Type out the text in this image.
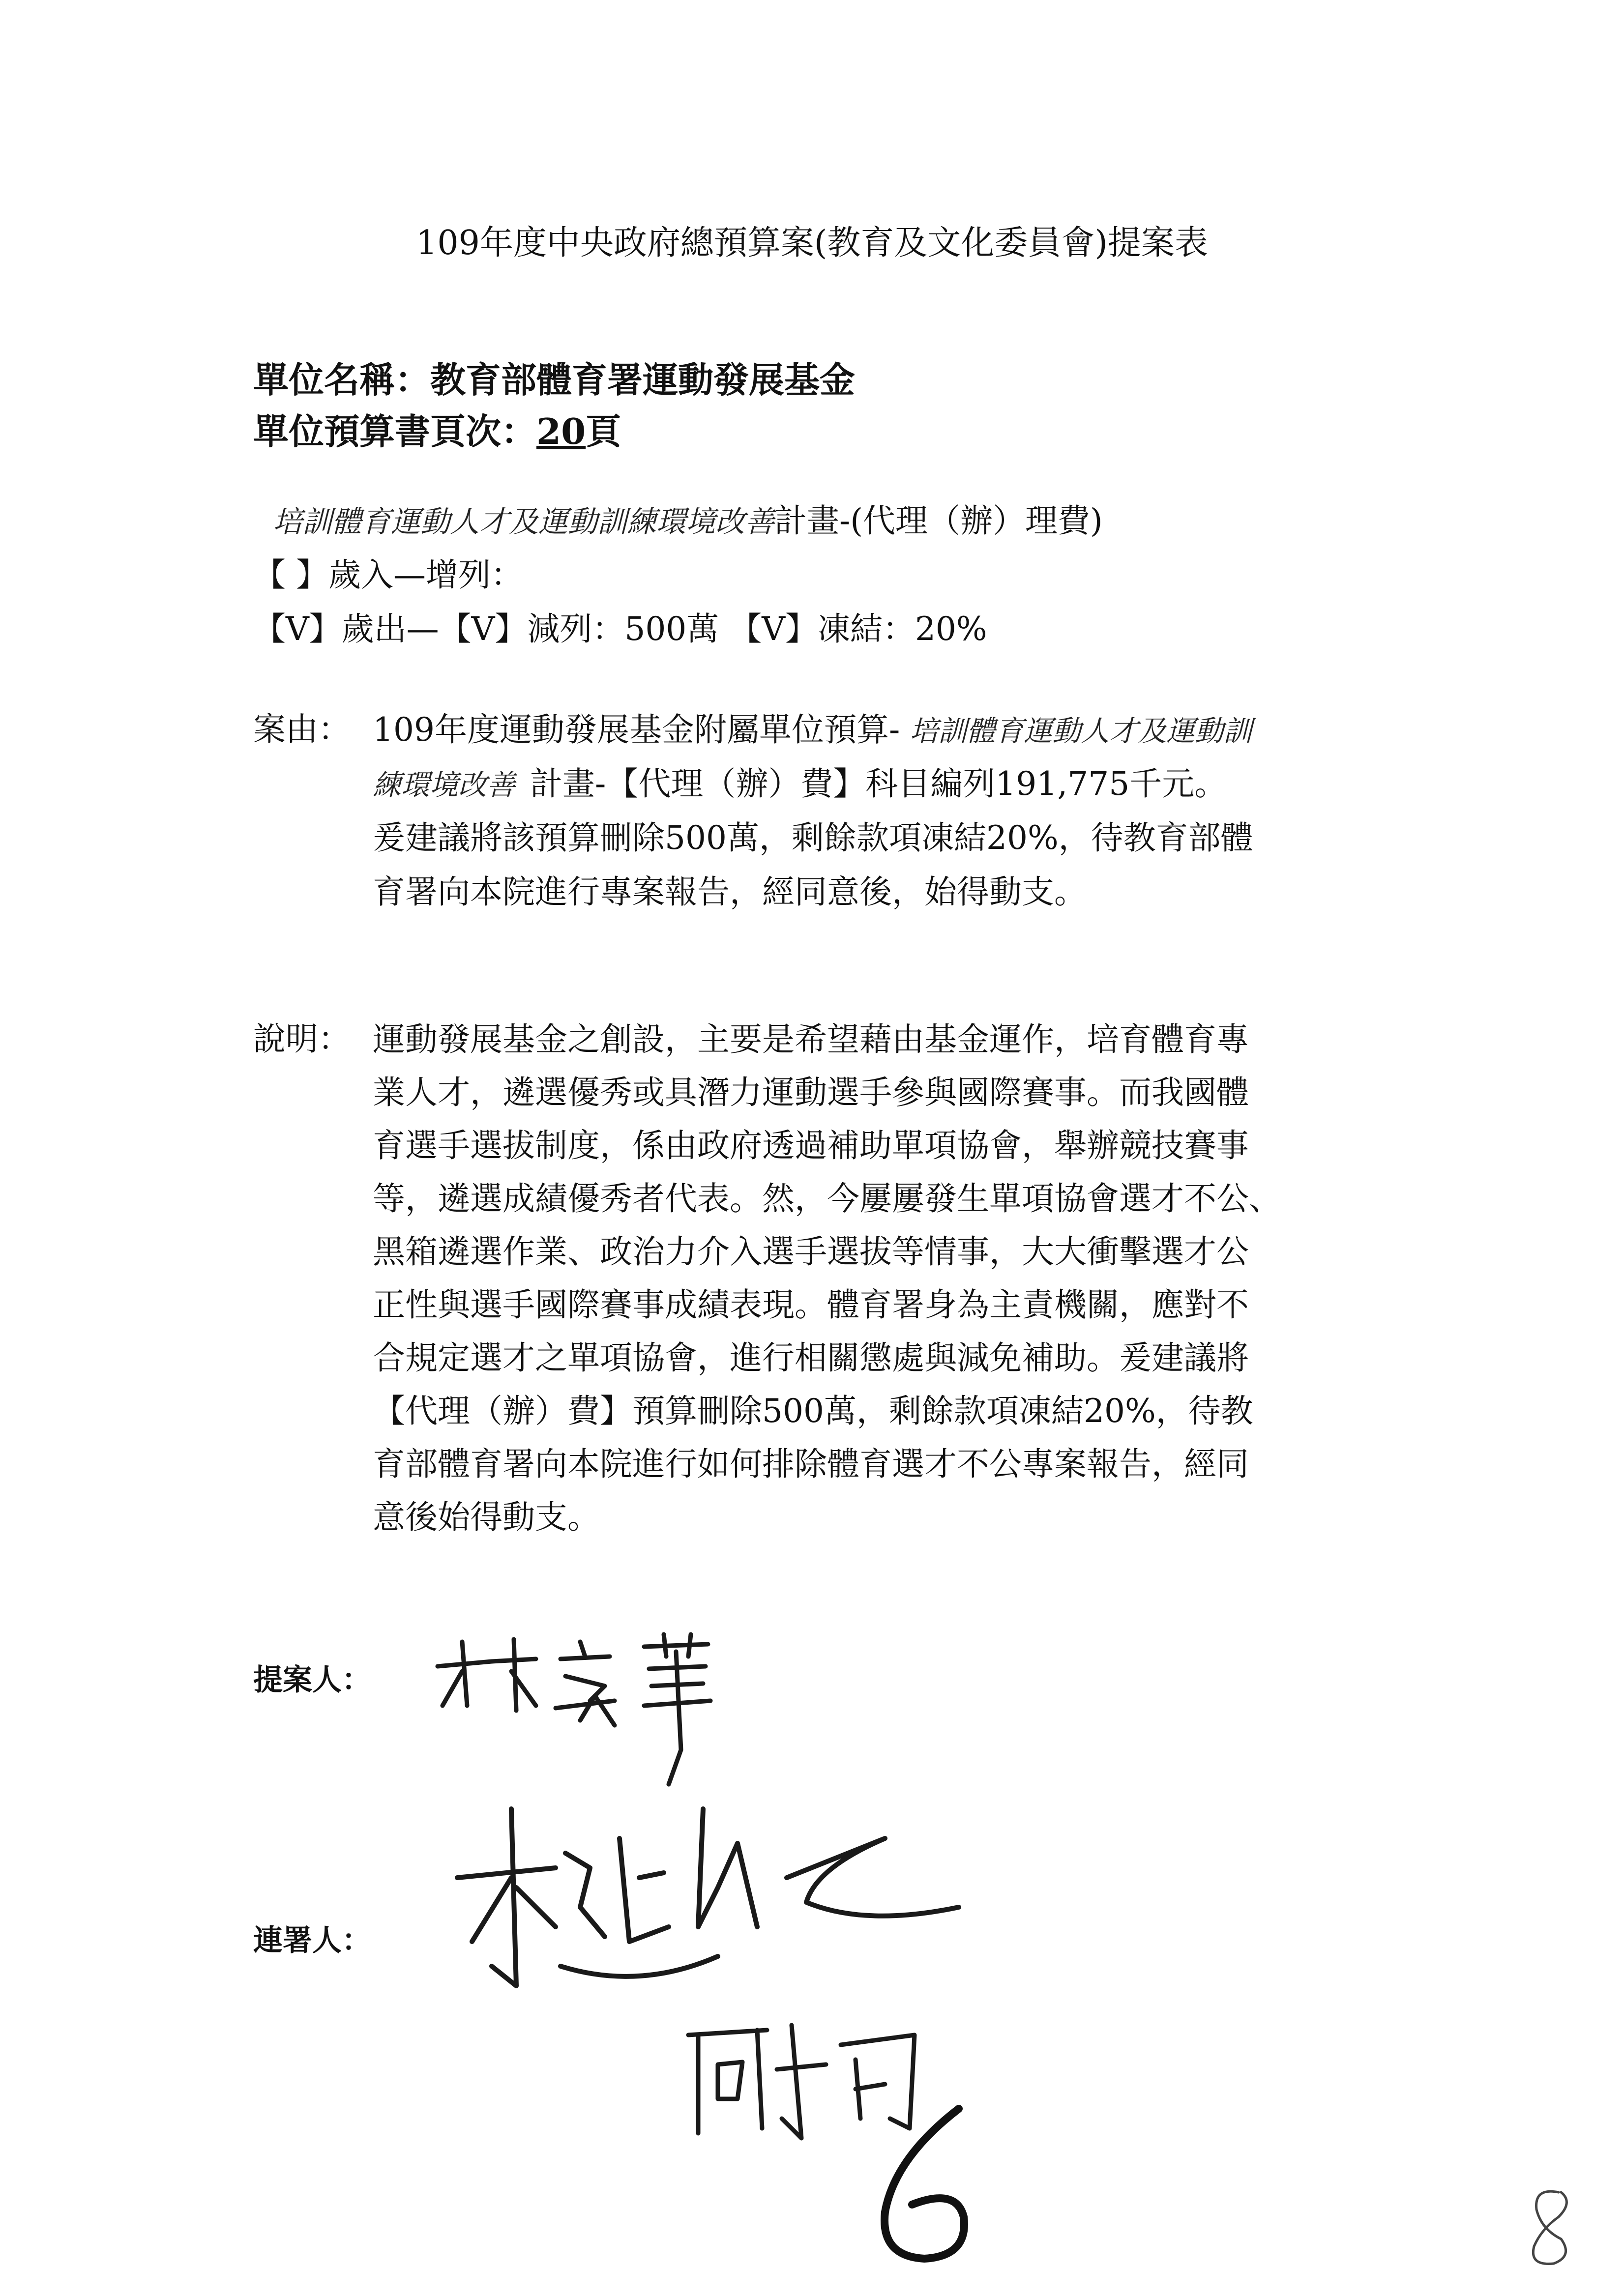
109年度中央政府總預算案(教育及文化委員會)提案表
單位名稱：教育部體育署運動發展基金
單位預算書頁次：20頁
培訓體育運動人才及運動訓練環境改善計畫-(代理（辦）理費)
【 】歲入—增列：
【V】歲出—【V】減列：500萬 【V】凍結：20%
案由： 109年度運動發展基金附屬單位預算- 培訓體育運動人才及運動訓
練環境改善 計畫-【代理（辦）費】科目編列191,775千元。
爰建議將該預算刪除500萬，剩餘款項凍結20%，待教育部體
育署向本院進行專案報告，經同意後，始得動支。
說明： 運動發展基金之創設，主要是希望藉由基金運作，培育體育專
業人才，遴選優秀或具潛力運動選手參與國際賽事。而我國體
育選手選拔制度，係由政府透過補助單項協會，舉辦競技賽事
等，遴選成績優秀者代表。然，今屢屢發生單項協會選才不公、
黑箱遴選作業、政治力介入選手選拔等情事，大大衝擊選才公
正性與選手國際賽事成績表現。體育署身為主責機關，應對不
合規定選才之單項協會，進行相關懲處與減免補助。爰建議將
【代理（辦）費】預算刪除500萬，剩餘款項凍結20%，待教
育部體育署向本院進行如何排除體育選才不公專案報告，經同
意後始得動支。
提案人：
連署人：
